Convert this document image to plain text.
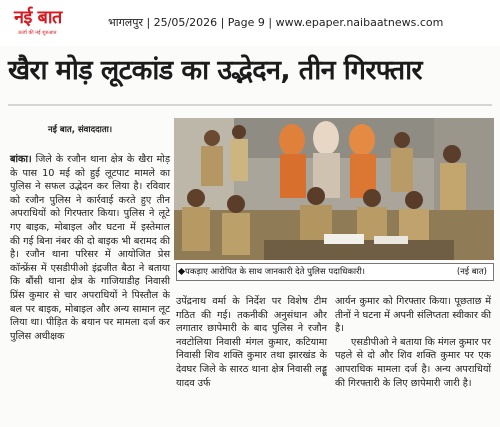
नई बात
ऊर्जा की नई शुरुआत
भागलपुर | 25/05/2026 | Page 9 | www.epaper.naibaatnews.com
खैरा मोड़ लूटकांड का उद्भेदन, तीन गिरफ्तार
नई बात, संवाददाता।
पकड़ाए आरोपित के साथ जानकारी देते पुलिस पदाधिकारी।	(नई बात)

बांका। जिले के रजौन थाना क्षेत्र के खैरा मोड़ के पास 10 मई को हुई लूटपाट मामले का पुलिस ने सफल उद्भेदन कर लिया है। रविवार को रजौन पुलिस ने कार्रवाई करते हुए तीन अपराधियों को गिरफ्तार किया। पुलिस ने लूटे गए बाइक, मोबाइल और घटना में इस्तेमाल की गई बिना नंबर की दो बाइक भी बरामद की है। रजौन थाना परिसर में आयोजित प्रेस कॉन्फ्रेंस में एसडीपीओ इंद्रजीत बैठा ने बताया कि बौंसी थाना क्षेत्र के गाजियाडीह निवासी प्रिंस कुमार से चार अपराधियों ने पिस्तौल के बल पर बाइक, मोबाइल और अन्य सामान लूट लिया था। पीड़ित के बयान पर मामला दर्ज कर पुलिस अधीक्षक

उपेंद्रनाथ वर्मा के निर्देश पर विशेष टीम गठित की गई। तकनीकी अनुसंधान और लगातार छापेमारी के बाद पुलिस ने रजौन नवटोलिया निवासी मंगल कुमार, कटियामा निवासी शिव शक्ति कुमार तथा झारखंड के देवघर जिले के सारठ थाना क्षेत्र निवासी लड्डू यादव उर्फ

आर्यन कुमार को गिरफ्तार किया। पूछताछ में तीनों ने घटना में अपनी संलिप्तता स्वीकार की है।

एसडीपीओ ने बताया कि मंगल कुमार पर पहले से दो और शिव शक्ति कुमार पर एक आपराधिक मामला दर्ज है। अन्य अपराधियों की गिरफ्तारी के लिए छापेमारी जारी है।
